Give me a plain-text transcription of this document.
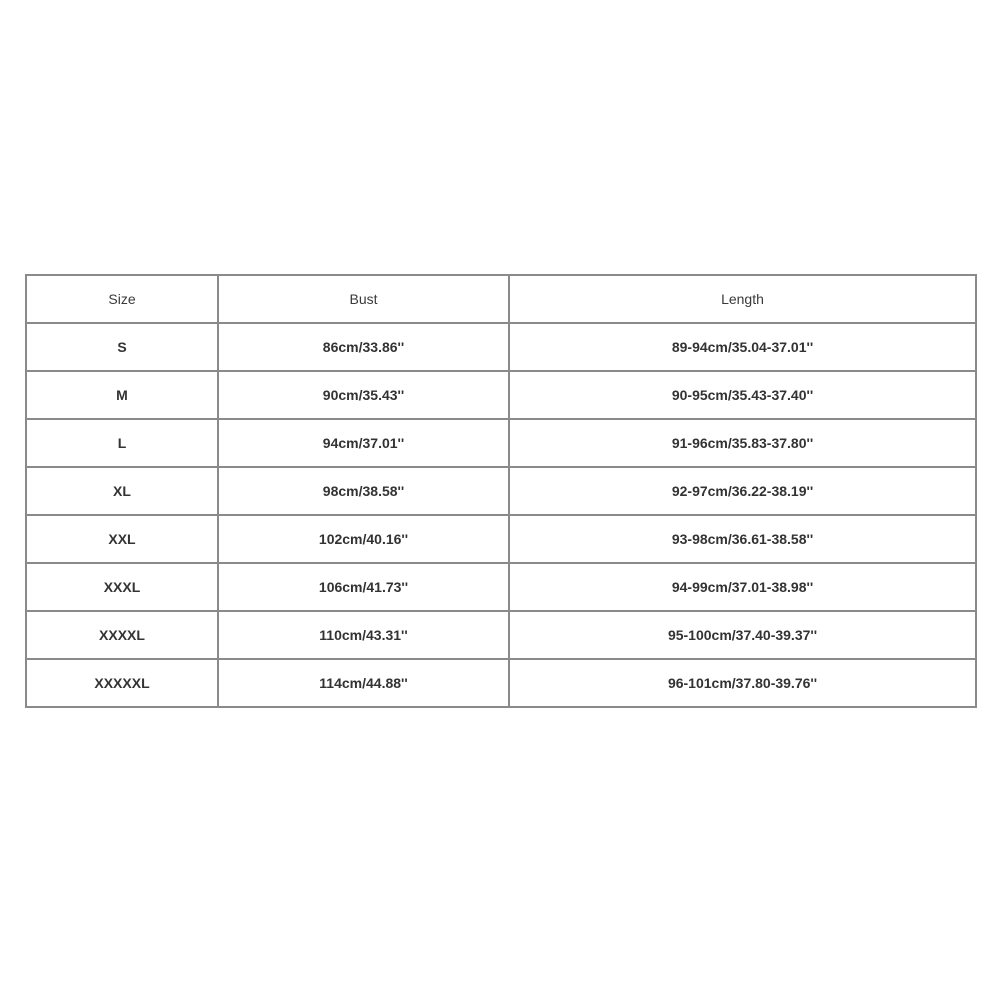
Size	Bust	Length
S	86cm/33.86''	89-94cm/35.04-37.01''
M	90cm/35.43''	90-95cm/35.43-37.40''
L	94cm/37.01''	91-96cm/35.83-37.80''
XL	98cm/38.58''	92-97cm/36.22-38.19''
XXL	102cm/40.16''	93-98cm/36.61-38.58''
XXXL	106cm/41.73''	94-99cm/37.01-38.98''
XXXXL	110cm/43.31''	95-100cm/37.40-39.37''
XXXXXL	114cm/44.88''	96-101cm/37.80-39.76''
